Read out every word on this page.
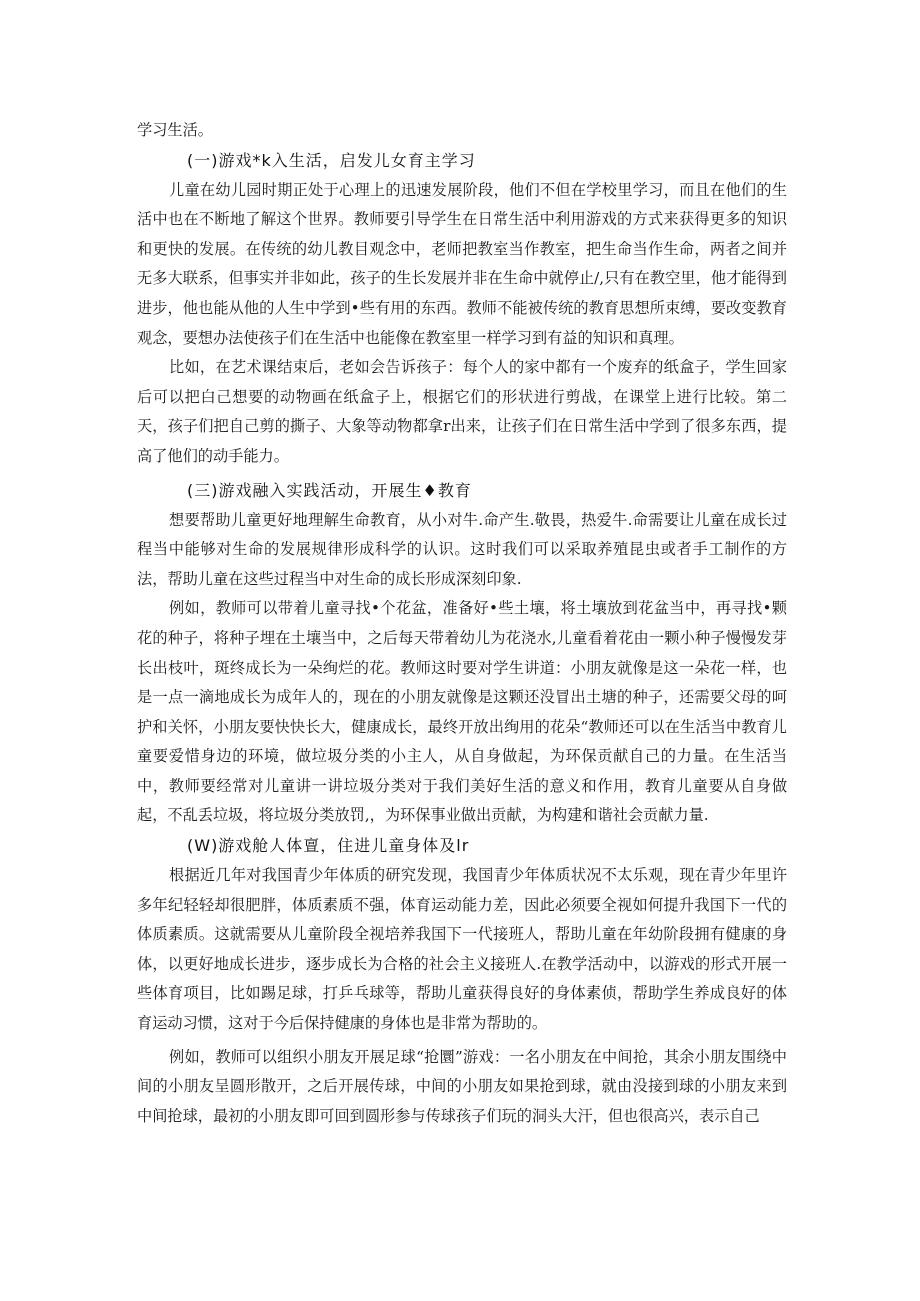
学习生活。

(一)游戏*k入生活，启发儿女育主学习

儿童在幼儿园时期正处于心理上的迅速发展阶段，他们不但在学校里学习，而且在他们的生活中也在不断地了解这个世界。教师要引导学生在日常生活中利用游戏的方式来获得更多的知识和更快的发展。在传统的幼儿教目观念中，老师把教室当作教室，把生命当作生命，两者之间并无多大联系，但事实并非如此，孩子的生长发展并非在生命中就停止/,只有在教空里，他才能得到进步，他也能从他的人生中学到•些有用的东西。教师不能被传统的教育思想所束缚，要改变教育观念，要想办法使孩子们在生活中也能像在教室里一样学习到有益的知识和真理。

比如，在艺术课结束后，老如会告诉孩子：每个人的家中都有一个废弃的纸盒子，学生回家后可以把白己想要的动物画在纸盒子上，根据它们的形状进行剪战，在课堂上进行比较。第二天，孩子们把自己剪的撕子、大象等动物都拿r出来，让孩子们在日常生活中学到了很多东西，提高了他们的动手能力。

(三)游戏融入实践活动，开展生♦教育

想要帮助儿童更好地理解生命教育，从小对牛.命产生.敬畏，热爱牛.命需要让儿童在成长过程当中能够对生命的发展规律形成科学的认识。这时我们可以采取养殖昆虫或者手工制作的方法，帮助儿童在这些过程当中对生命的成长形成深刻印象.

例如，教师可以带着儿童寻找•个花盆，准备好•些土壤，将土壤放到花盆当中，再寻找•颗花的种子，将种子埋在土壤当中，之后每天带着幼儿为花浇水,儿童看着花由一颗小种子慢慢发芽长出枝叶，斑终成长为一朵绚烂的花。教师这时要对学生讲道：小朋友就像是这一朵花一样，也是一点一滴地成长为成年人的，现在的小朋友就像是这颗还没冒出土塘的种子，还需要父母的呵护和关怀，小朋友要快快长大，健康成长，最终开放出绚用的花朵“教师还可以在生活当中教育儿童要爱惜身边的环境，做垃圾分类的小主人，从自身做起，为环保贡献自己的力量。在生活当中，教师要经常对儿童讲一讲垃圾分类对于我们美好生活的意义和作用，教育儿童要从自身做起，不乱丢垃圾，将垃圾分类放罚,，为环保事业做出贡献，为构建和谐社会贡献力量.

(W)游戏舱人体亶，住进儿童身体及lr

根据近几年对我国青少年体质的研究发现，我国青少年体质状况不太乐观，现在青少年里许多年纪轻轻却很肥胖，体质素质不强，体育运动能力差，因此必须要全视如何提升我国下一代的体质素质。这就需要从儿童阶段全视培养我国下一代接班人，帮助儿童在年幼阶段拥有健康的身体，以更好地成长进步，逐步成长为合格的社会主义接班人.在教学活动中，以游戏的形式开展一些体育项目，比如踢足球，打乒乓球等，帮助儿童获得良好的身体素侦，帮助学生养成良好的体育运动习惯，这对于今后保持健康的身体也是非常为帮助的。

例如，教师可以组织小朋友开展足球“抢圜”游戏：一名小朋友在中间抢，其余小朋友围绕中间的小朋友呈圆形散开，之后开展传球，中间的小朋友如果抢到球，就由没接到球的小朋友来到中间抢球，最初的小朋友即可回到圆形参与传球孩子们玩的洞头大汗，但也很高兴，表示自己
